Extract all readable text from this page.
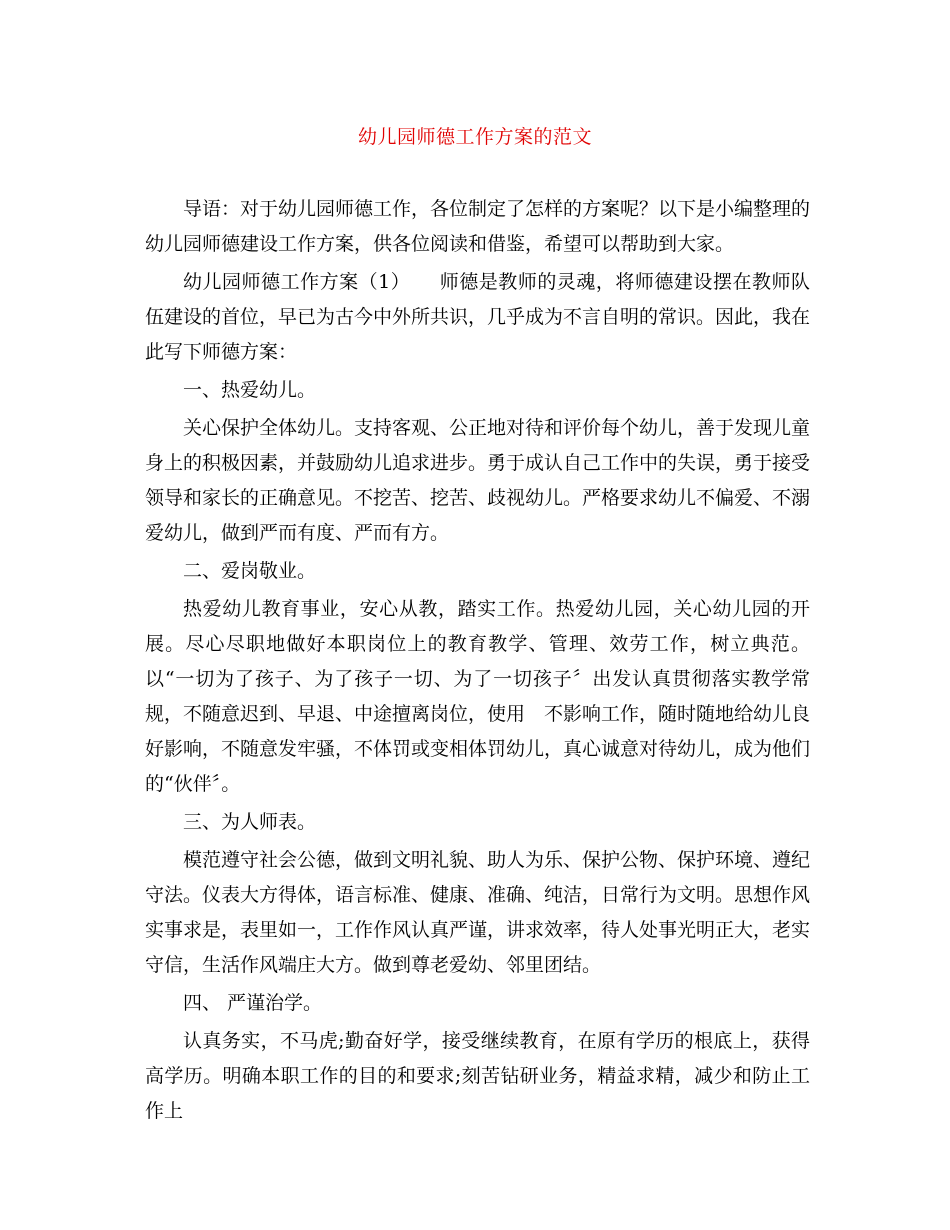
幼儿园师德工作方案的范文

导语：对于幼儿园师德工作，各位制定了怎样的方案呢？以下是小编整理的幼儿园师德建设工作方案，供各位阅读和借鉴，希望可以帮助到大家。

幼儿园师德工作方案（1）　　师德是教师的灵魂，将师德建设摆在教师队伍建设的首位，早已为古今中外所共识，几乎成为不言自明的常识。因此，我在此写下师德方案：

一、热爱幼儿。

关心保护全体幼儿。支持客观、公正地对待和评价每个幼儿，善于发现儿童身上的积极因素，并鼓励幼儿追求进步。勇于成认自己工作中的失误，勇于接受领导和家长的正确意见。不挖苦、挖苦、歧视幼儿。严格要求幼儿不偏爱、不溺爱幼儿，做到严而有度、严而有方。

二、爱岗敬业。

热爱幼儿教育事业，安心从教，踏实工作。热爱幼儿园，关心幼儿园的开展。尽心尽职地做好本职岗位上的教育教学、管理、效劳工作，树立典范。以“一切为了孩子、为了孩子一切、为了一切孩子〞出发认真贯彻落实教学常规，不随意迟到、早退、中途擅离岗位，使用　不影响工作，随时随地给幼儿良好影响，不随意发牢骚，不体罚或变相体罚幼儿，真心诚意对待幼儿，成为他们的“伙伴〞。

三、为人师表。

模范遵守社会公德，做到文明礼貌、助人为乐、保护公物、保护环境、遵纪守法。仪表大方得体，语言标准、健康、准确、纯洁，日常行为文明。思想作风实事求是，表里如一，工作作风认真严谨，讲求效率，待人处事光明正大，老实守信，生活作风端庄大方。做到尊老爱幼、邻里团结。

四、 严谨治学。

认真务实，不马虎;勤奋好学，接受继续教育，在原有学历的根底上，获得高学历。明确本职工作的目的和要求;刻苦钻研业务，精益求精，减少和防止工作上
